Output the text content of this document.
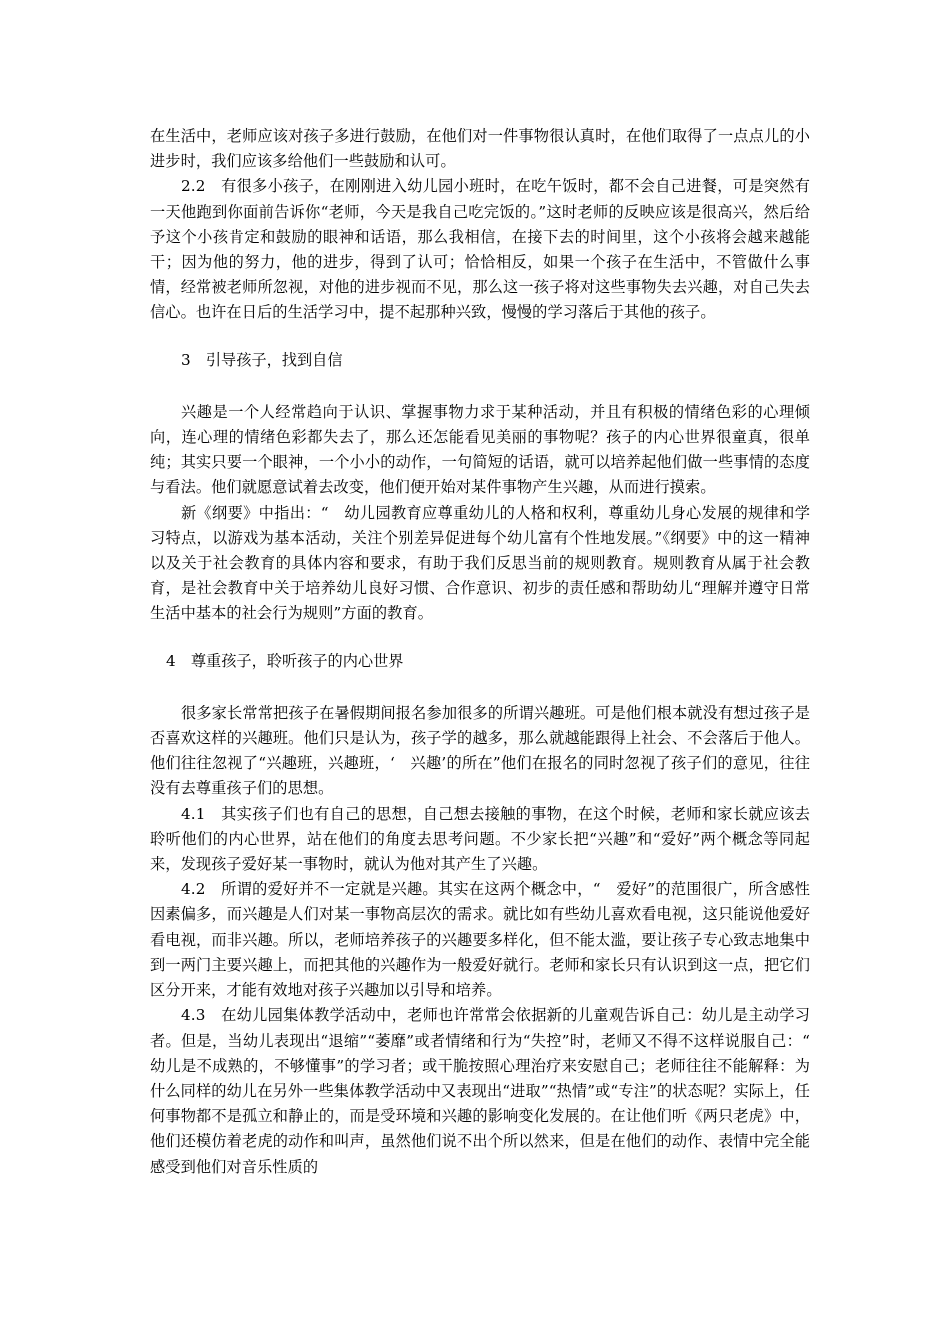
在生活中，老师应该对孩子多进行鼓励，在他们对一件事物很认真时，在他们取得了一点点儿的小进步时，我们应该多给他们一些鼓励和认可。

2.2　有很多小孩子，在刚刚进入幼儿园小班时，在吃午饭时，都不会自己进餐，可是突然有一天他跑到你面前告诉你“老师，今天是我自己吃完饭的。”这时老师的反映应该是很高兴，然后给予这个小孩肯定和鼓励的眼神和话语，那么我相信，在接下去的时间里，这个小孩将会越来越能干；因为他的努力，他的进步，得到了认可；恰恰相反，如果一个孩子在生活中，不管做什么事情，经常被老师所忽视，对他的进步视而不见，那么这一孩子将对这些事物失去兴趣，对自己失去信心。也许在日后的生活学习中，提不起那种兴致，慢慢的学习落后于其他的孩子。

3　引导孩子，找到自信

兴趣是一个人经常趋向于认识、掌握事物力求于某种活动，并且有积极的情绪色彩的心理倾向，连心理的情绪色彩都失去了，那么还怎能看见美丽的事物呢？孩子的内心世界很童真，很单纯；其实只要一个眼神，一个小小的动作，一句简短的话语，就可以培养起他们做一些事情的态度与看法。他们就愿意试着去改变，他们便开始对某件事物产生兴趣，从而进行摸索。

新《纲要》中指出：“　幼儿园教育应尊重幼儿的人格和权利，尊重幼儿身心发展的规律和学习特点，以游戏为基本活动，关注个别差异促进每个幼儿富有个性地发展。”《纲要》中的这一精神以及关于社会教育的具体内容和要求，有助于我们反思当前的规则教育。规则教育从属于社会教育，是社会教育中关于培养幼儿良好习惯、合作意识、初步的责任感和帮助幼儿“理解并遵守日常生活中基本的社会行为规则”方面的教育。

4　尊重孩子，聆听孩子的内心世界

很多家长常常把孩子在暑假期间报名参加很多的所谓兴趣班。可是他们根本就没有想过孩子是否喜欢这样的兴趣班。他们只是认为，孩子学的越多，那么就越能跟得上社会、不会落后于他人。他们往往忽视了“兴趣班，兴趣班，‘　兴趣’的所在”他们在报名的同时忽视了孩子们的意见，往往没有去尊重孩子们的思想。

4.1　其实孩子们也有自己的思想，自己想去接触的事物，在这个时候，老师和家长就应该去聆听他们的内心世界，站在他们的角度去思考问题。不少家长把“兴趣”和“爱好”两个概念等同起来，发现孩子爱好某一事物时，就认为他对其产生了兴趣。

4.2　所谓的爱好并不一定就是兴趣。其实在这两个概念中，“　爱好”的范围很广，所含感性因素偏多，而兴趣是人们对某一事物高层次的需求。就比如有些幼儿喜欢看电视，这只能说他爱好看电视，而非兴趣。所以，老师培养孩子的兴趣要多样化，但不能太滥，要让孩子专心致志地集中到一两门主要兴趣上，而把其他的兴趣作为一般爱好就行。老师和家长只有认识到这一点，把它们区分开来，才能有效地对孩子兴趣加以引导和培养。

4.3　在幼儿园集体教学活动中，老师也许常常会依据新的儿童观告诉自己：幼儿是主动学习者。但是，当幼儿表现出“退缩”“萎靡”或者情绪和行为“失控”时，老师又不得不这样说服自己：“　幼儿是不成熟的，不够懂事”的学习者；或干脆按照心理治疗来安慰自己；老师往往不能解释：为什么同样的幼儿在另外一些集体教学活动中又表现出“进取”“热情”或“专注”的状态呢？实际上，任何事物都不是孤立和静止的，而是受环境和兴趣的影响变化发展的。在让他们听《两只老虎》中，他们还模仿着老虎的动作和叫声，虽然他们说不出个所以然来，但是在他们的动作、表情中完全能感受到他们对音乐性质的
